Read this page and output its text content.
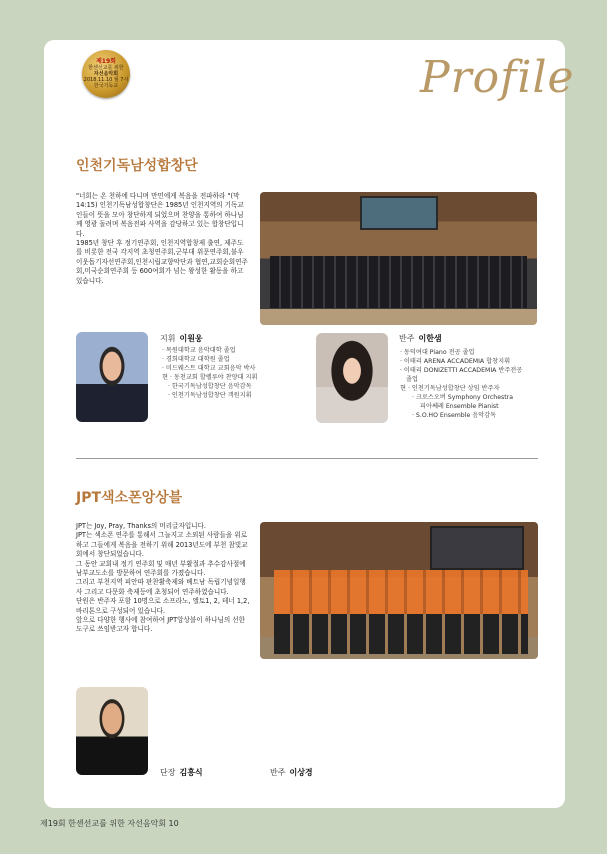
제19회
한센선교를 위한
자선음악회
2018.11.10 월 7시
한국기독교	Profile
인천기독남성합창단
"너희는 온 천하에 다니며 만민에게 복음을 전파하라 "(막14:15) 인천기독남성합창단은 1985년 인천지역의 기독교인들이 뜻을 모아 창단하게 되었으며 찬양을 통하여 하나님께 영광 돌려며 복음전파 사역을 감당하고 있는 합창단입니다.
1985년 창단 후 정기연주회, 인천지역합창제 출연, 제주도를 비롯한 전국 각지역 초청연주회,군부대 위문연주회,불우이웃돕기자선연주회,인천시립교향악단과 협연,교회순회연주회,미국순회연주회 등 600여회가 넘는 왕성한 활동을 하고 있습니다.
지휘 이원웅
· 목원대학교 음악대학 졸업
· 경희대학교 대학원 졸업
· 미드웨스트 대학교 교회음악 박사
현 · 동천교회 할렐루야 찬양대 지휘
· 한국기독남성합창단 음악감독
· 인천기독남성합창단 객원지휘
반주 이한샘
· 동덕여대 Piano 전공 졸업
· 이태리 ARENA ACCADEMIA 합창지휘
· 이태리 DONIZETTI ACCADEMIA 반주전공
졸업
현 · 인천기독남성합창단 상임 반주자
· 크로스오버 Symphony Orchestra
피아쎄레 Ensemble Pianist
· S.O.HO Ensemble 음악감독
JPT색소폰앙상블
JPT는 Joy, Pray, Thanks의 머리글자입니다.
JPT는 색소폰 연주를 통해서 그늘지고 소외된 사람들을 위로하고 그들에게 복음을 전하기 위해 2013년도에 부천 참빛교회에서 창단되었습니다.
그 동안 교회내 정기 연주회 및 매년 부활절과 추수감사절에 남부교도소를 방문하여 연주회를 가졌습니다.
그리고 부천지역 피안따 판찬활축제와 베트남 독립기념일행사 그리고 다문화 축제등에 초청되어 연주하였습니다.
단원은 반주자 포함 10명으로 소프라노, 앨토1, 2, 테너 1,2, 바리톤으로 구성되어 있습니다.
앞으로 다양한 행사에 참여하여 JPT앙상블이 하나님의 선한 도구로 쓰임받고자 합니다.
단장 김흥식	반주 이상경
제19회 한센선교를 위한 자선음악회 10
